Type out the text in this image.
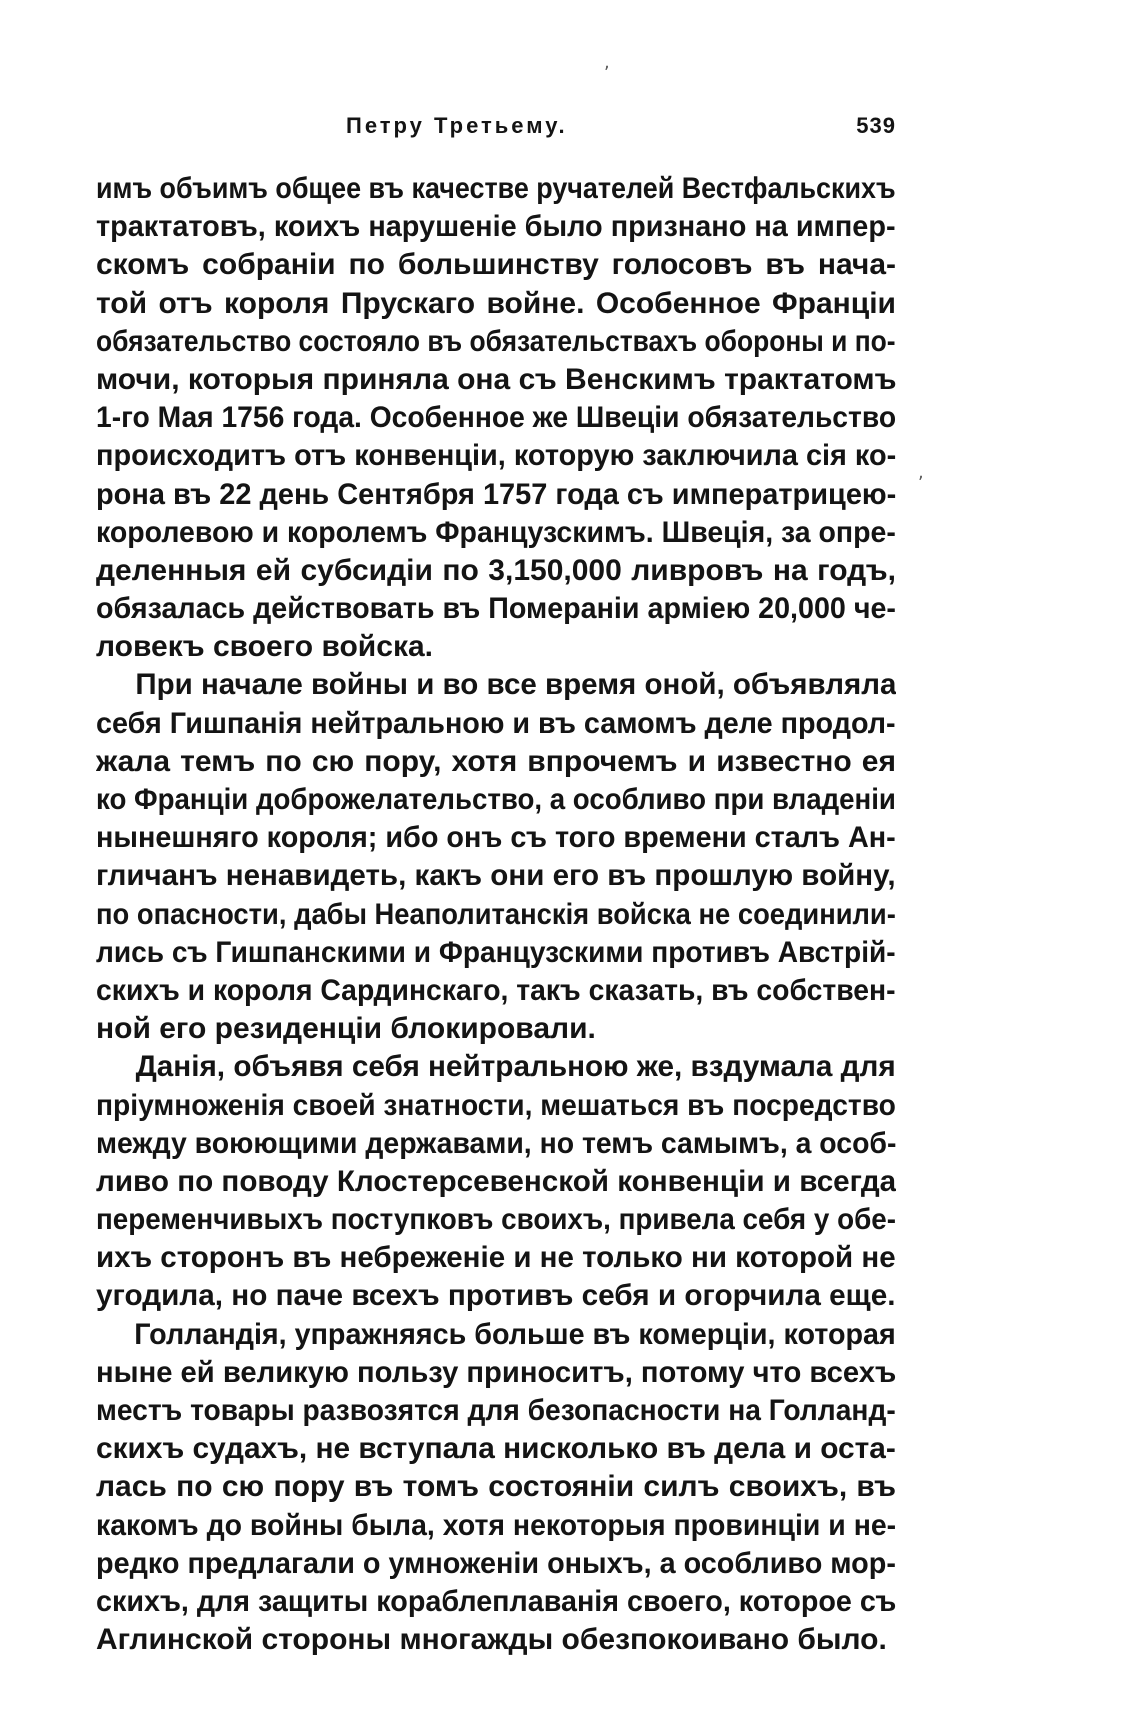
,
Петру Третьему.	539
имъ объимъ общее въ качестве ручателей Вестфальскихъ
трактатовъ, коихъ нарушеніе было признано на импер-
скомъ собраніи по большинству голосовъ въ нача-
той отъ короля Прускаго войне. Особенное Франціи
обязательство состояло въ обязательствахъ обороны и по-
мочи, которыя приняла она съ Венскимъ трактатомъ
1-го Мая 1756 года. Особенное же Швеціи обязательство
происходитъ отъ конвенціи, которую заключила сія ко-
рона въ 22 день Сентября 1757 года съ императрицею-
королевою и королемъ Французскимъ. Швеція, за опре-
деленныя ей субсидіи по 3,150,000 ливровъ на годъ,
обязалась действовать въ Помераніи арміею 20,000 че-
ловекъ своего войска.
При начале войны и во все время оной, объявляла
себя Гишпанія нейтральною и въ самомъ деле продол-
жала темъ по сю пору, хотя впрочемъ и известно ея
ко Франціи доброжелательство, а особливо при владеніи
нынешняго короля; ибо онъ съ того времени сталъ Ан-
гличанъ ненавидеть, какъ они его въ прошлую войну,
по опасности, дабы Неаполитанскія войска не соединили-
лись съ Гишпанскими и Французскими противъ Австрій-
скихъ и короля Сардинскаго, такъ сказать, въ собствен-
ной его резиденціи блокировали.
Данія, объявя себя нейтральною же, вздумала для
пріумноженія своей знатности, мешаться въ посредство
между воюющими державами, но темъ самымъ, а особ-
ливо по поводу Клостерсевенской конвенціи и всегда
переменчивыхъ поступковъ своихъ, привела себя у обе-
ихъ сторонъ въ небреженіе и не только ни которой не
угодила, но паче всехъ противъ себя и огорчила еще.
Голландія, упражняясь больше въ комерціи, которая
ныне ей великую пользу приноситъ, потому что всехъ
местъ товары развозятся для безопасности на Голланд-
скихъ судахъ, не вступала нисколько въ дела и оста-
лась по сю пору въ томъ состояніи силъ своихъ, въ
какомъ до войны была, хотя некоторыя провинціи и не-
редко предлагали о умноженіи оныхъ, а особливо мор-
скихъ, для защиты кораблеплаванія своего, которое съ
Аглинской стороны многажды обезпокоивано было.
,
